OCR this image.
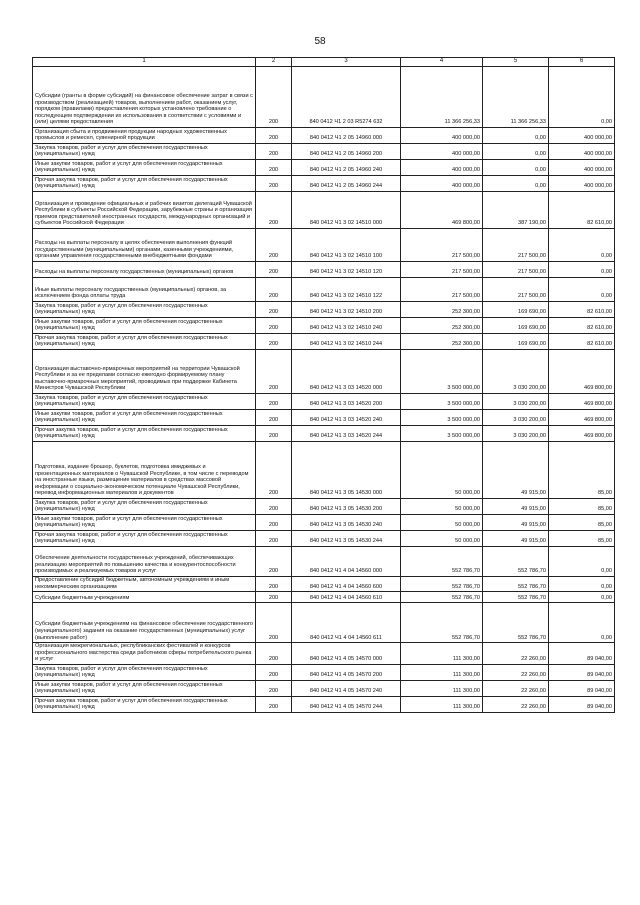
58
1	2	3	4	5	6
Субсидии (гранты в форме субсидий) на финансовое обеспечение затрат в связи с производством (реализацией) товаров, выполнением работ, оказанием услуг, порядком (правилами) предоставления которых установлено требование о последующем подтверждении их использования в соответствии с условиями и (или) целями предоставления	200	840 0412 Ч1 2 03 R5274 632	11 366 256,33	11 366 256,33	0,00
Организация сбыта и продвижения продукции народных художественных промыслов и ремесел, сувенирной продукции	200	840 0412 Ч1 2 05 14960 000	400 000,00	0,00	400 000,00
Закупка товаров, работ и услуг для обеспечения государственных (муниципальных) нужд	200	840 0412 Ч1 2 05 14960 200	400 000,00	0,00	400 000,00
Иные закупки товаров, работ и услуг для обеспечения государственных (муниципальных) нужд	200	840 0412 Ч1 2 05 14960 240	400 000,00	0,00	400 000,00
Прочая закупка товаров, работ и услуг для обеспечения государственных (муниципальных) нужд	200	840 0412 Ч1 2 05 14960 244	400 000,00	0,00	400 000,00
Организация и проведение официальных и рабочих визитов делегаций Чувашской Республики в субъекты Российской Федерации, зарубежные страны и организация приемов представителей иностранных государств, международных организаций и субъектов Российской Федерации	200	840 0412 Ч1 3 02 14510 000	469 800,00	387 190,00	82 610,00
Расходы на выплаты персоналу в целях обеспечения выполнения функций государственными (муниципальными) органами, казенными учреждениями, органами управления государственными внебюджетными фондами	200	840 0412 Ч1 3 02 14510 100	217 500,00	217 500,00	0,00
Расходы на выплаты персоналу государственных (муниципальных) органов	200	840 0412 Ч1 3 02 14510 120	217 500,00	217 500,00	0,00
Иные выплаты персоналу государственных (муниципальных) органов, за исключением фонда оплаты труда	200	840 0412 Ч1 3 02 14510 122	217 500,00	217 500,00	0,00
Закупка товаров, работ и услуг для обеспечения государственных (муниципальных) нужд	200	840 0412 Ч1 3 02 14510 200	252 300,00	169 690,00	82 610,00
Иные закупки товаров, работ и услуг для обеспечения государственных (муниципальных) нужд	200	840 0412 Ч1 3 02 14510 240	252 300,00	169 690,00	82 610,00
Прочая закупка товаров, работ и услуг для обеспечения государственных (муниципальных) нужд	200	840 0412 Ч1 3 02 14510 244	252 300,00	169 690,00	82 610,00
Организация выставочно-ярмарочных мероприятий на территории Чувашской Республики и за ее пределами согласно ежегодно формируемому плану выставочно-ярмарочных мероприятий, проводимых при поддержке Кабинета Министров Чувашской Республики	200	840 0412 Ч1 3 03 14520 000	3 500 000,00	3 030 200,00	469 800,00
Закупка товаров, работ и услуг для обеспечения государственных (муниципальных) нужд	200	840 0412 Ч1 3 03 14520 200	3 500 000,00	3 030 200,00	469 800,00
Иные закупки товаров, работ и услуг для обеспечения государственных (муниципальных) нужд	200	840 0412 Ч1 3 03 14520 240	3 500 000,00	3 030 200,00	469 800,00
Прочая закупка товаров, работ и услуг для обеспечения государственных (муниципальных) нужд	200	840 0412 Ч1 3 03 14520 244	3 500 000,00	3 030 200,00	469 800,00
Подготовка, издание брошюр, буклетов, подготовка имиджевых и презентационных материалов о Чувашской Республике, в том числе с переводом на иностранные языки, размещение материалов в средствах массовой информации о социально-экономическом потенциале Чувашской Республики, перевод информационных материалов и документов	200	840 0412 Ч1 3 05 14530 000	50 000,00	49 915,00	85,00
Закупка товаров, работ и услуг для обеспечения государственных (муниципальных) нужд	200	840 0412 Ч1 3 05 14530 200	50 000,00	49 915,00	85,00
Иные закупки товаров, работ и услуг для обеспечения государственных (муниципальных) нужд	200	840 0412 Ч1 3 05 14530 240	50 000,00	49 915,00	85,00
Прочая закупка товаров, работ и услуг для обеспечения государственных (муниципальных) нужд	200	840 0412 Ч1 3 05 14530 244	50 000,00	49 915,00	85,00
Обеспечение деятельности государственных учреждений, обеспечивающих реализацию мероприятий по повышению качества и конкурентоспособности производимых и реализуемых товаров и услуг	200	840 0412 Ч1 4 04 14560 000	552 786,70	552 786,70	0,00
Предоставление субсидий бюджетным, автономным учреждениям и иным некоммерческим организациям	200	840 0412 Ч1 4 04 14560 600	552 786,70	552 786,70	0,00
Субсидии бюджетным учреждениям	200	840 0412 Ч1 4 04 14560 610	552 786,70	552 786,70	0,00
Субсидии бюджетным учреждениям на финансовое обеспечение государственного (муниципального) задания на оказание государственных (муниципальных) услуг (выполнение работ)	200	840 0412 Ч1 4 04 14560 611	552 786,70	552 786,70	0,00
Организация межрегиональных, республиканских фестивалей и конкурсов профессионального мастерства среди работников сферы потребительского рынка и услуг	200	840 0412 Ч1 4 05 14570 000	111 300,00	22 260,00	89 040,00
Закупка товаров, работ и услуг для обеспечения государственных (муниципальных) нужд	200	840 0412 Ч1 4 05 14570 200	111 300,00	22 260,00	89 040,00
Иные закупки товаров, работ и услуг для обеспечения государственных (муниципальных) нужд	200	840 0412 Ч1 4 05 14570 240	111 300,00	22 260,00	89 040,00
Прочая закупка товаров, работ и услуг для обеспечения государственных (муниципальных) нужд	200	840 0412 Ч1 4 05 14570 244	111 300,00	22 260,00	89 040,00
